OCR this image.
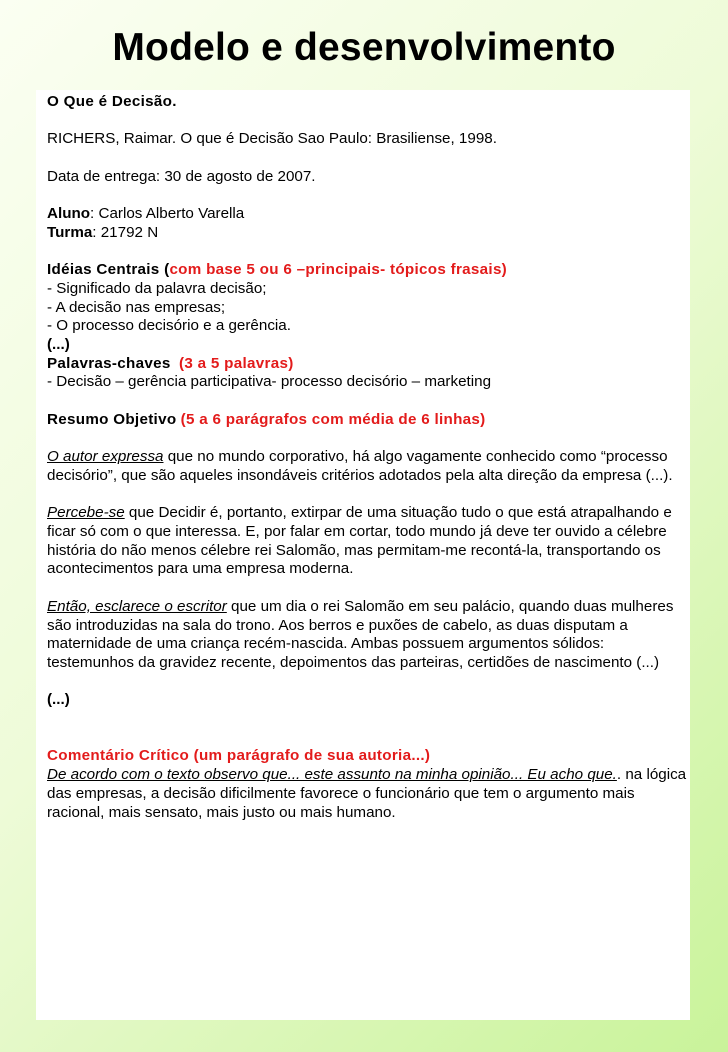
Modelo e desenvolvimento

O Que é Decisão.

RICHERS, Raimar. O que é Decisão Sao Paulo: Brasiliense, 1998.

Data de entrega: 30 de agosto de 2007.

Aluno: Carlos Alberto Varella

Turma: 21792 N

Idéias Centrais (com base 5 ou 6 –principais- tópicos frasais)

- Significado da palavra decisão;

- A decisão nas empresas;

- O processo decisório e a gerência.

(...)

Palavras-chaves (3 a 5 palavras)

- Decisão – gerência participativa- processo decisório – marketing

Resumo Objetivo (5 a 6 parágrafos com média de 6 linhas)

O autor expressa que no mundo corporativo, há algo vagamente conhecido como “processo decisório”, que são aqueles insondáveis critérios adotados pela alta direção da empresa (...).

Percebe-se que Decidir é, portanto, extirpar de uma situação tudo o que está atrapalhando e ficar só com o que interessa. E, por falar em cortar, todo mundo já deve ter ouvido a célebre história do não menos célebre rei Salomão, mas permitam-me recontá-la, transportando os acontecimentos para uma empresa moderna.

Então, esclarece o escritor que um dia o rei Salomão em seu palácio, quando duas mulheres são introduzidas na sala do trono. Aos berros e puxões de cabelo, as duas disputam a maternidade de uma criança recém-nascida. Ambas possuem argumentos sólidos: testemunhos da gravidez recente, depoimentos das parteiras, certidões de nascimento (...)

(...)

Comentário Crítico (um parágrafo de sua autoria...)

De acordo com o texto observo que... este assunto na minha opinião... Eu acho que.. na lógica das empresas, a decisão dificilmente favorece o funcionário que tem o argumento mais racional, mais sensato, mais justo ou mais humano.
